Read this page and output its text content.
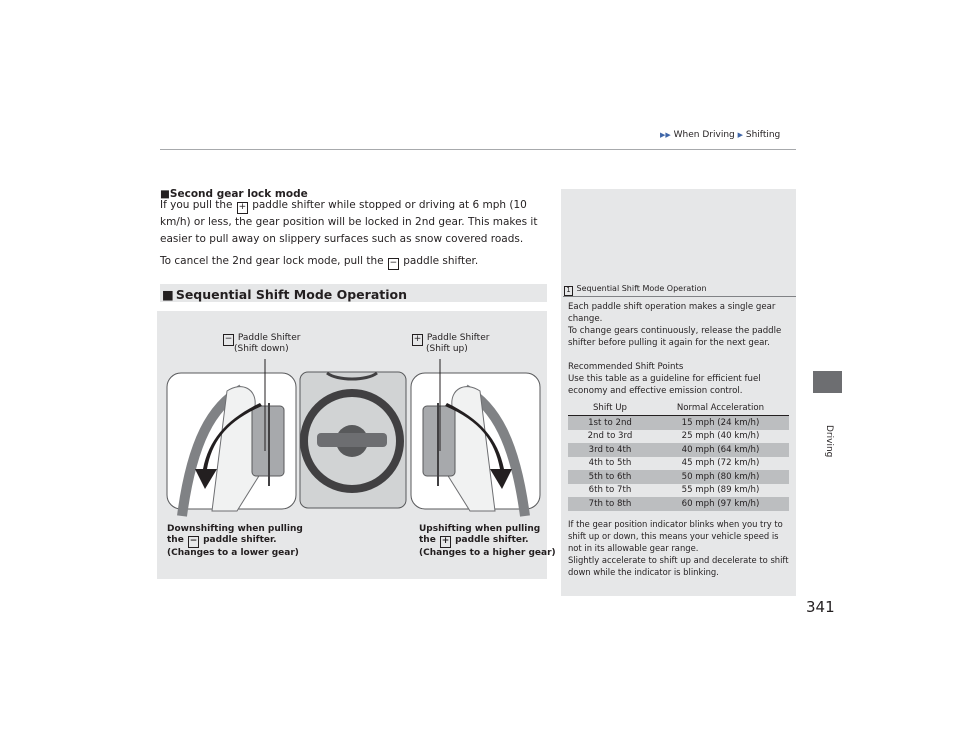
▶▶ When Driving ▶ Shifting
Driving
■Second gear lock mode
If you pull the + paddle shifter while stopped or driving at 6 mph (10 km/h) or less, the gear position will be locked in 2nd gear. This makes it easier to pull away on slippery surfaces such as snow covered roads.
To cancel the 2nd gear lock mode, pull the − paddle shifter.
■ Sequential Shift Mode Operation
− Paddle Shifter
(Shift down)
+ Paddle Shifter
(Shift up)
Downshifting when pulling
the − paddle shifter.
(Changes to a lower gear)
Upshifting when pulling
the + paddle shifter.
(Changes to a higher gear)
1 Sequential Shift Mode Operation
Each paddle shift operation makes a single gear change.
To change gears continuously, release the paddle shifter before pulling it again for the next gear.
Recommended Shift Points
Use this table as a guideline for efficient fuel economy and effective emission control.
Shift Up	Normal Acceleration
1st to 2nd	15 mph (24 km/h)
2nd to 3rd	25 mph (40 km/h)
3rd to 4th	40 mph (64 km/h)
4th to 5th	45 mph (72 km/h)
5th to 6th	50 mph (80 km/h)
6th to 7th	55 mph (89 km/h)
7th to 8th	60 mph (97 km/h)
If the gear position indicator blinks when you try to shift up or down, this means your vehicle speed is not in its allowable gear range.
Slightly accelerate to shift up and decelerate to shift down while the indicator is blinking.
341
